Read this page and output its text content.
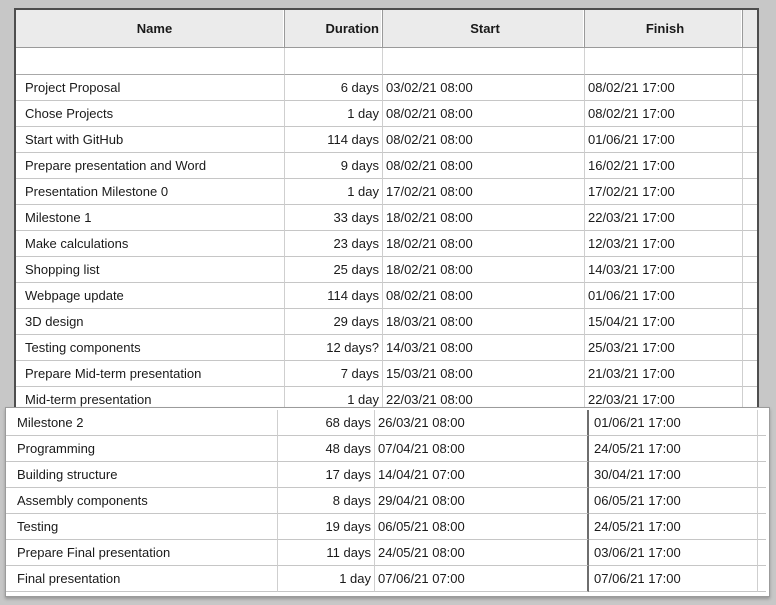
Name	Duration	Start	Finish
Project Proposal	6 days 03/02/21 08:00	08/02/21 17:00
Chose Projects	1 day 08/02/21 08:00	08/02/21 17:00
Start with GitHub	114 days 08/02/21 08:00	01/06/21 17:00
Prepare presentation and Word	9 days 08/02/21 08:00	16/02/21 17:00
Presentation Milestone 0	1 day 17/02/21 08:00	17/02/21 17:00
Milestone 1	33 days 18/02/21 08:00	22/03/21 17:00
Make calculations	23 days 18/02/21 08:00	12/03/21 17:00
Shopping list	25 days 18/02/21 08:00	14/03/21 17:00
Webpage update	114 days 08/02/21 08:00	01/06/21 17:00
3D design	29 days 18/03/21 08:00	15/04/21 17:00
Testing components	12 days? 14/03/21 08:00	25/03/21 17:00
Prepare Mid-term presentation	7 days 15/03/21 08:00	21/03/21 17:00
Mid-term presentation	1 day 22/03/21 08:00	22/03/21 17:00
Milestone 2	68 days 26/03/21 08:00	01/06/21 17:00
Programming	48 days 07/04/21 08:00	24/05/21 17:00
Building structure	17 days 14/04/21 07:00	30/04/21 17:00
Assembly components	8 days 29/04/21 08:00	06/05/21 17:00
Testing	19 days 06/05/21 08:00	24/05/21 17:00
Prepare Final presentation	11 days 24/05/21 08:00	03/06/21 17:00
Final presentation	1 day 07/06/21 07:00	07/06/21 17:00
